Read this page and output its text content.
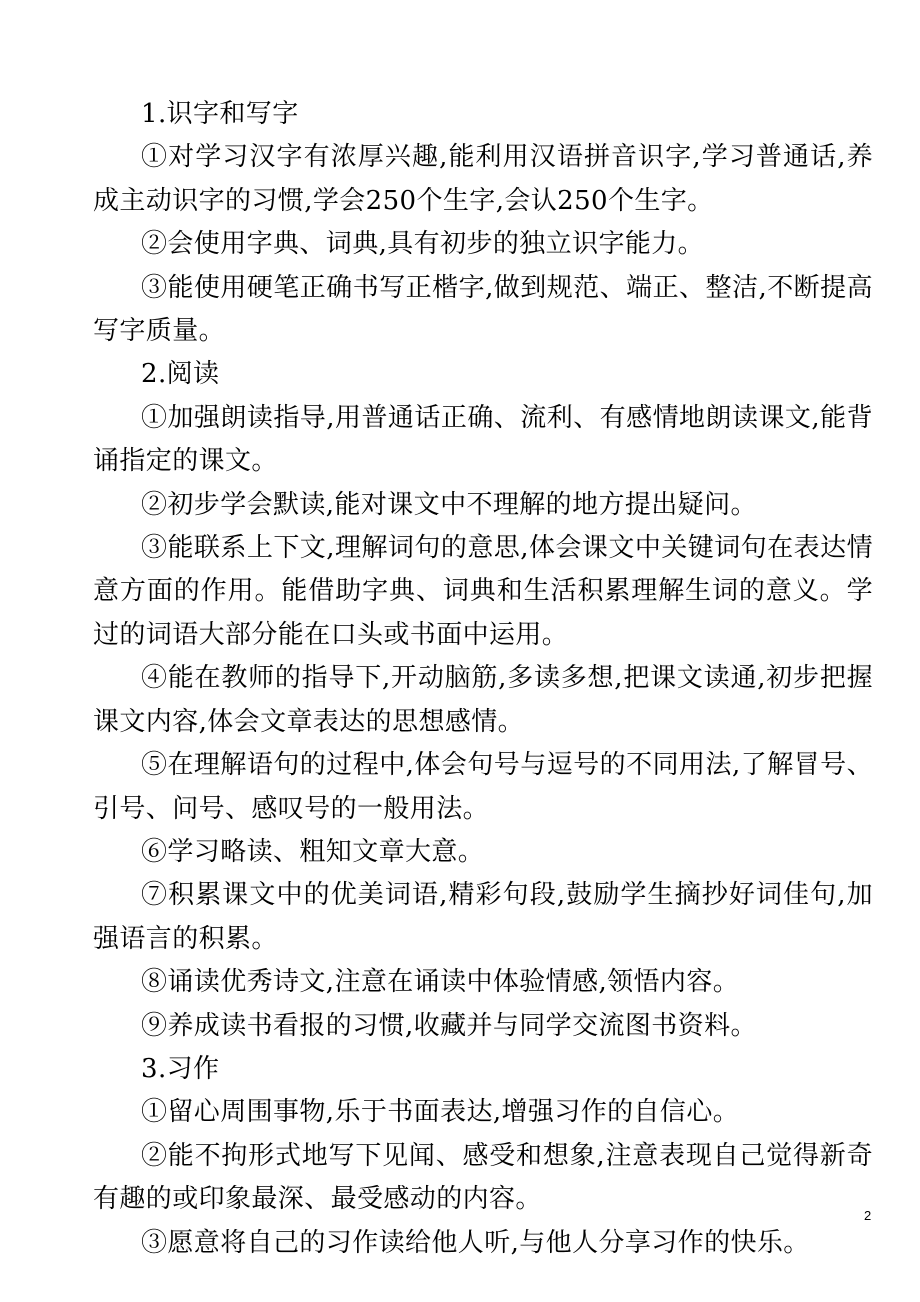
1.识字和写字

①对学习汉字有浓厚兴趣,能利用汉语拼音识字,学习普通话,养成主动识字的习惯,学会250个生字,会认250个生字。

②会使用字典、词典,具有初步的独立识字能力。

③能使用硬笔正确书写正楷字,做到规范、端正、整洁,不断提高写字质量。

2.阅读

①加强朗读指导,用普通话正确、流利、有感情地朗读课文,能背诵指定的课文。

②初步学会默读,能对课文中不理解的地方提出疑问。

③能联系上下文,理解词句的意思,体会课文中关键词句在表达情意方面的作用。能借助字典、词典和生活积累理解生词的意义。学过的词语大部分能在口头或书面中运用。

④能在教师的指导下,开动脑筋,多读多想,把课文读通,初步把握课文内容,体会文章表达的思想感情。

⑤在理解语句的过程中,体会句号与逗号的不同用法,了解冒号、引号、问号、感叹号的一般用法。

⑥学习略读、粗知文章大意。

⑦积累课文中的优美词语,精彩句段,鼓励学生摘抄好词佳句,加强语言的积累。

⑧诵读优秀诗文,注意在诵读中体验情感,领悟内容。

⑨养成读书看报的习惯,收藏并与同学交流图书资料。

3.习作

①留心周围事物,乐于书面表达,增强习作的自信心。

②能不拘形式地写下见闻、感受和想象,注意表现自己觉得新奇有趣的或印象最深、最受感动的内容。

③愿意将自己的习作读给他人听,与他人分享习作的快乐。

2
